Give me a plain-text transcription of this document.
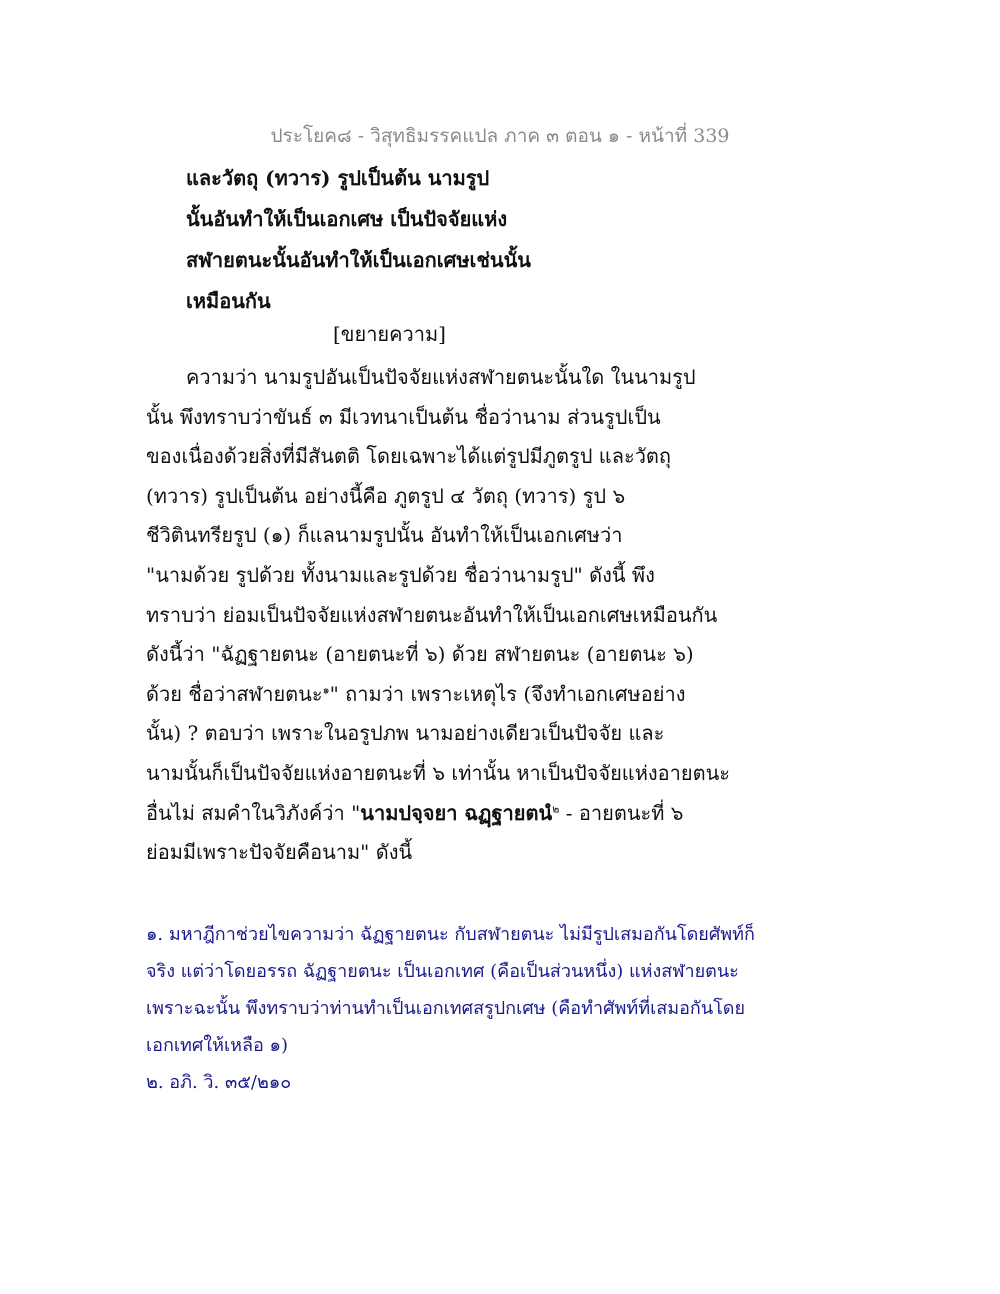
ประโยค๘ - วิสุทธิมรรคแปล ภาค ๓ ตอน ๑ - หน้าที่ 339
และวัตถุ (ทวาร) รูปเป็นต้น นามรูป
นั้นอันทำให้เป็นเอกเศษ เป็นปัจจัยแห่ง
สฬายตนะนั้นอันทำให้เป็นเอกเศษเช่นนั้น
เหมือนกัน
[ขยายความ]
ความว่า นามรูปอันเป็นปัจจัยแห่งสฬายตนะนั้นใด ในนามรูป
นั้น พึงทราบว่าขันธ์ ๓ มีเวทนาเป็นต้น ชื่อว่านาม ส่วนรูปเป็น
ของเนื่องด้วยสิ่งที่มีสันตติ โดยเฉพาะได้แต่รูปมีภูตรูป และวัตถุ
(ทวาร) รูปเป็นต้น อย่างนี้คือ ภูตรูป ๔ วัตถุ (ทวาร) รูป ๖
ชีวิตินทรียรูป (๑) ก็แลนามรูปนั้น อันทำให้เป็นเอกเศษว่า
"นามด้วย รูปด้วย ทั้งนามและรูปด้วย ชื่อว่านามรูป" ดังนี้ พึง
ทราบว่า ย่อมเป็นปัจจัยแห่งสฬายตนะอันทำให้เป็นเอกเศษเหมือนกัน
ดังนี้ว่า "ฉัฏฐายตนะ (อายตนะที่ ๖) ด้วย สฬายตนะ (อายตนะ ๖)
ด้วย ชื่อว่าสฬายตนะ$^๑$" ถามว่า เพราะเหตุไร (จึงทำเอกเศษอย่าง
นั้น) ? ตอบว่า เพราะในอรูปภพ นามอย่างเดียวเป็นปัจจัย และ
นามนั้นก็เป็นปัจจัยแห่งอายตนะที่ ๖ เท่านั้น หาเป็นปัจจัยแห่งอายตนะ
อื่นไม่ สมคำในวิภังค์ว่า "นามปจฺจยา ฉฏฺฐายตนํ$^๒$ - อายตนะที่ ๖
ย่อมมีเพราะปัจจัยคือนาม" ดังนี้
๑. มหาฎีกาช่วยไขความว่า ฉัฏฐายตนะ กับสฬายตนะ ไม่มีรูปเสมอกันโดยศัพท์ก็
จริง แต่ว่าโดยอรรถ ฉัฏฐายตนะ เป็นเอกเทศ (คือเป็นส่วนหนึ่ง) แห่งสฬายตนะ
เพราะฉะนั้น พึงทราบว่าท่านทำเป็นเอกเทศสรูปกเศษ (คือทำศัพท์ที่เสมอกันโดย
เอกเทศให้เหลือ ๑)
๒. อภิ. วิ. ๓๕/๒๑๐
